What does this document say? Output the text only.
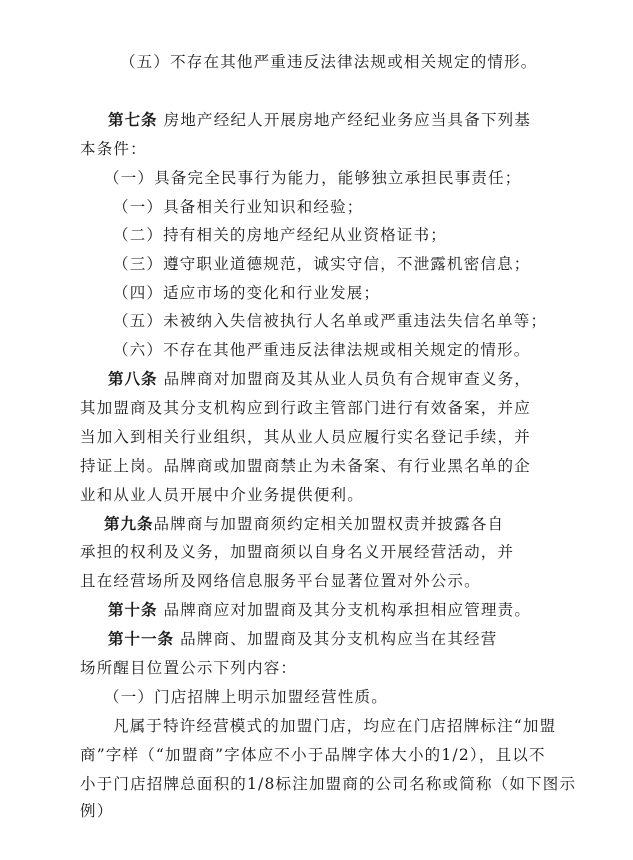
（五）不存在其他严重违反法律法规或相关规定的情形。
第七条 房地产经纪人开展房地产经纪业务应当具备下列基
本条件：
（一）具备完全民事行为能力，能够独立承担民事责任；
（一）具备相关行业知识和经验；
（二）持有相关的房地产经纪从业资格证书；
（三）遵守职业道德规范，诚实守信，不泄露机密信息；
（四）适应市场的变化和行业发展；
（五）未被纳入失信被执行人名单或严重违法失信名单等；
（六）不存在其他严重违反法律法规或相关规定的情形。
第八条 品牌商对加盟商及其从业人员负有合规审查义务，
其加盟商及其分支机构应到行政主管部门进行有效备案，并应
当加入到相关行业组织，其从业人员应履行实名登记手续，并
持证上岗。品牌商或加盟商禁止为未备案、有行业黑名单的企
业和从业人员开展中介业务提供便利。
第九条品牌商与加盟商须约定相关加盟权责并披露各自
承担的权利及义务，加盟商须以自身名义开展经营活动，并
且在经营场所及网络信息服务平台显著位置对外公示。
第十条 品牌商应对加盟商及其分支机构承担相应管理责。
第十一条 品牌商、加盟商及其分支机构应当在其经营
场所醒目位置公示下列内容：
（一）门店招牌上明示加盟经营性质。
凡属于特许经营模式的加盟门店，均应在门店招牌标注“加盟
商”字样（“加盟商”字体应不小于品牌字体大小的1/2），且以不
小于门店招牌总面积的1/8标注加盟商的公司名称或简称（如下图示
例）
